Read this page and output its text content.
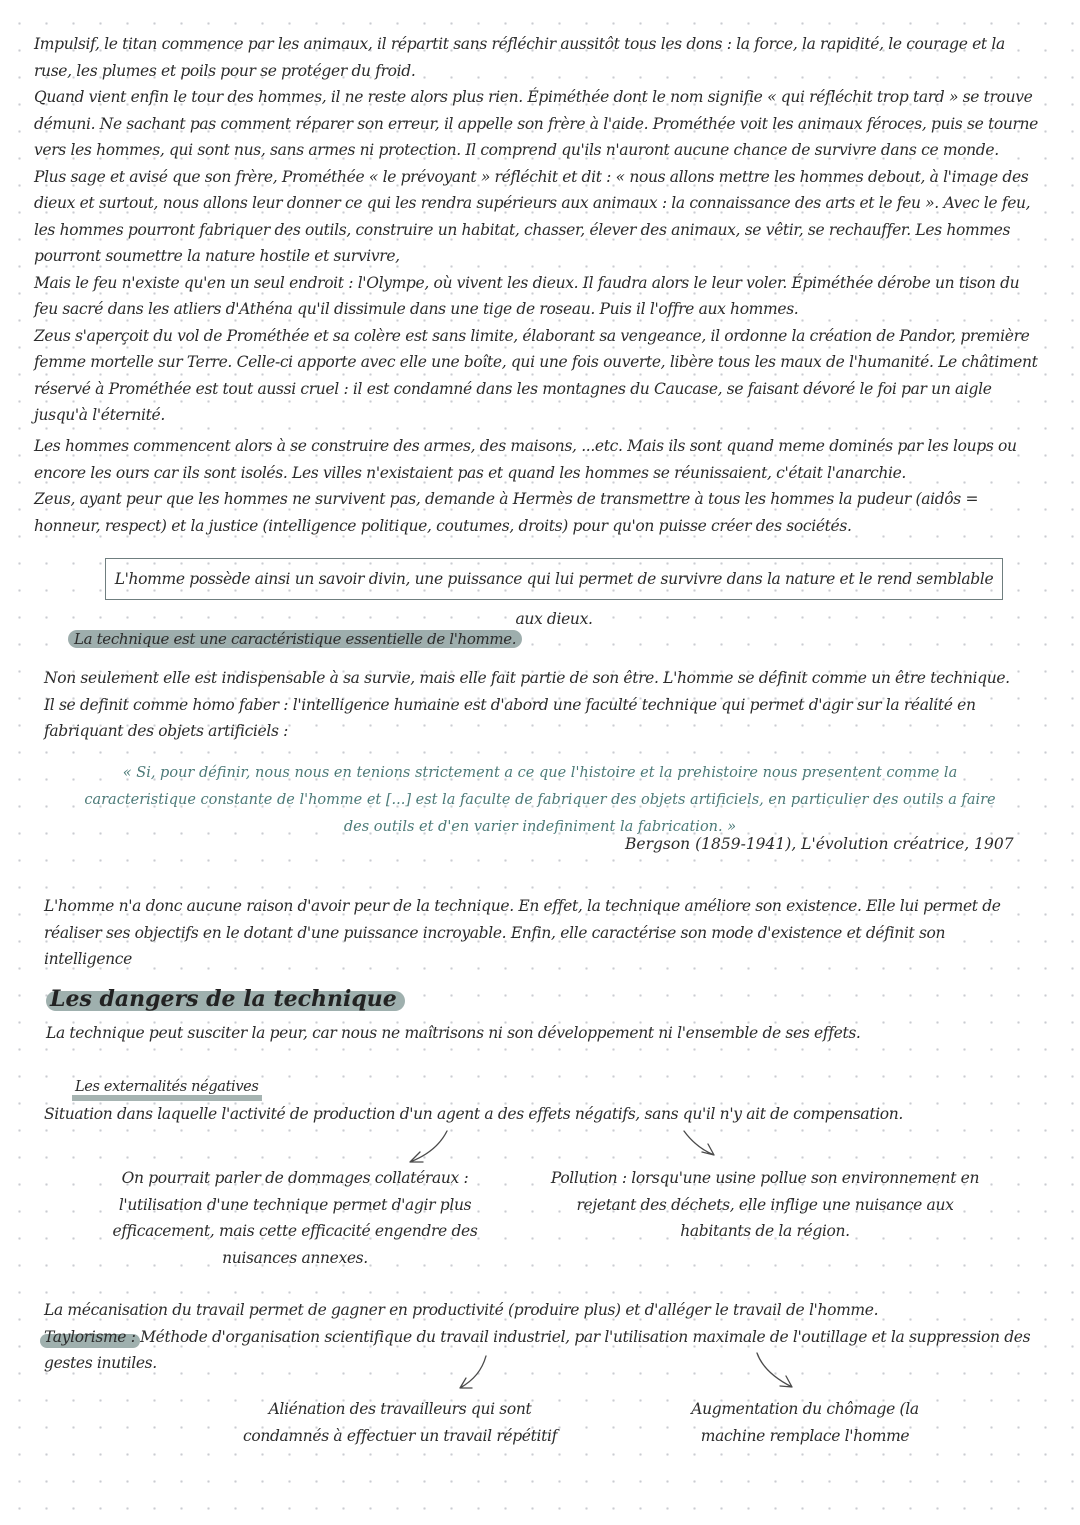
Impulsif, le titan commence par les animaux, il répartit sans réfléchir aussitôt tous les dons : la force, la rapidité, le courage et la ruse, les plumes et poils pour se protéger du froid.
Quand vient enfin le tour des hommes, il ne reste alors plus rien. Épiméthée dont le nom signifie « qui réfléchit trop tard » se trouve démuni. Ne sachant pas comment réparer son erreur, il appelle son frère à l'aide. Prométhée voit les animaux féroces, puis se tourne vers les hommes, qui sont nus, sans armes ni protection. Il comprend qu'ils n'auront aucune chance de survivre dans ce monde.
Plus sage et avisé que son frère, Prométhée « le prévoyant » réfléchit et dit : « nous allons mettre les hommes debout, à l'image des dieux et surtout, nous allons leur donner ce qui les rendra supérieurs aux animaux : la connaissance des arts et le feu ». Avec le feu, les hommes pourront fabriquer des outils, construire un habitat, chasser, élever des animaux, se vêtir, se rechauffer. Les hommes pourront soumettre la nature hostile et survivre,
Mais le feu n'existe qu'en un seul endroit : l'Olympe, où vivent les dieux. Il faudra alors le leur voler. Épiméthée dérobe un tison du feu sacré dans les atliers d'Athéna qu'il dissimule dans une tige de roseau. Puis il l'offre aux hommes.
Zeus s'aperçoit du vol de Prométhée et sa colère est sans limite, élaborant sa vengeance, il ordonne la création de Pandor, première femme mortelle sur Terre. Celle-ci apporte avec elle une boîte, qui une fois ouverte, libère tous les maux de l'humanité. Le châtiment réservé à Prométhée est tout aussi cruel : il est condamné dans les montagnes du Caucase, se faisant dévoré le foi par un aigle jusqu'à l'éternité.
Les hommes commencent alors à se construire des armes, des maisons, ...etc. Mais ils sont quand meme dominés par les loups ou encore les ours car ils sont isolés. Les villes n'existaient pas et quand les hommes se réunissaient, c'était l'anarchie.
Zeus, ayant peur que les hommes ne survivent pas, demande à Hermès de transmettre à tous les hommes la pudeur (aidôs = honneur, respect) et la justice (intelligence politique, coutumes, droits) pour qu'on puisse créer des sociétés.
L'homme possède ainsi un savoir divin, une puissance qui lui permet de survivre dans la nature et le rend semblable aux dieux.
La technique est une caractéristique essentielle de l'homme.
Non seulement elle est indispensable à sa survie, mais elle fait partie de son être. L'homme se définit comme un être technique.
Il se definit comme homo faber : l'intelligence humaine est d'abord une faculté technique qui permet d'agir sur la réalité en fabriquant des objets artificiels :
« Si, pour définir, nous nous en tenions strictement a ce que l'histoire et la prehistoire nous presentent comme la caracteristique constante de l'homme et [...] est la faculte de fabriquer des objets artificiels, en particulier des outils a faire des outils et d'en varier indefiniment la fabrication. »
Bergson (1859-1941), L'évolution créatrice, 1907
L'homme n'a donc aucune raison d'avoir peur de la technique. En effet, la technique améliore son existence. Elle lui permet de réaliser ses objectifs en le dotant d'une puissance incroyable. Enfin, elle caractérise son mode d'existence et définit son intelligence
Les dangers de la technique
La technique peut susciter la peur, car nous ne maîtrisons ni son développement ni l'ensemble de ses effets.
Les externalités négatives
Situation dans laquelle l'activité de production d'un agent a des effets négatifs, sans qu'il n'y ait de compensation.
On pourrait parler de dommages collatéraux : l'utilisation d'une technique permet d'agir plus efficacement, mais cette efficacité engendre des nuisances annexes.
Pollution : lorsqu'une usine pollue son environnement en rejetant des déchets, elle inflige une nuisance aux habitants de la région.
La mécanisation du travail permet de gagner en productivité (produire plus) et d'alléger le travail de l'homme.
Taylorisme : Méthode d'organisation scientifique du travail industriel, par l'utilisation maximale de l'outillage et la suppression des gestes inutiles.
Aliénation des travailleurs qui sont condamnés à effectuer un travail répétitif
Augmentation du chômage (la machine remplace l'homme
